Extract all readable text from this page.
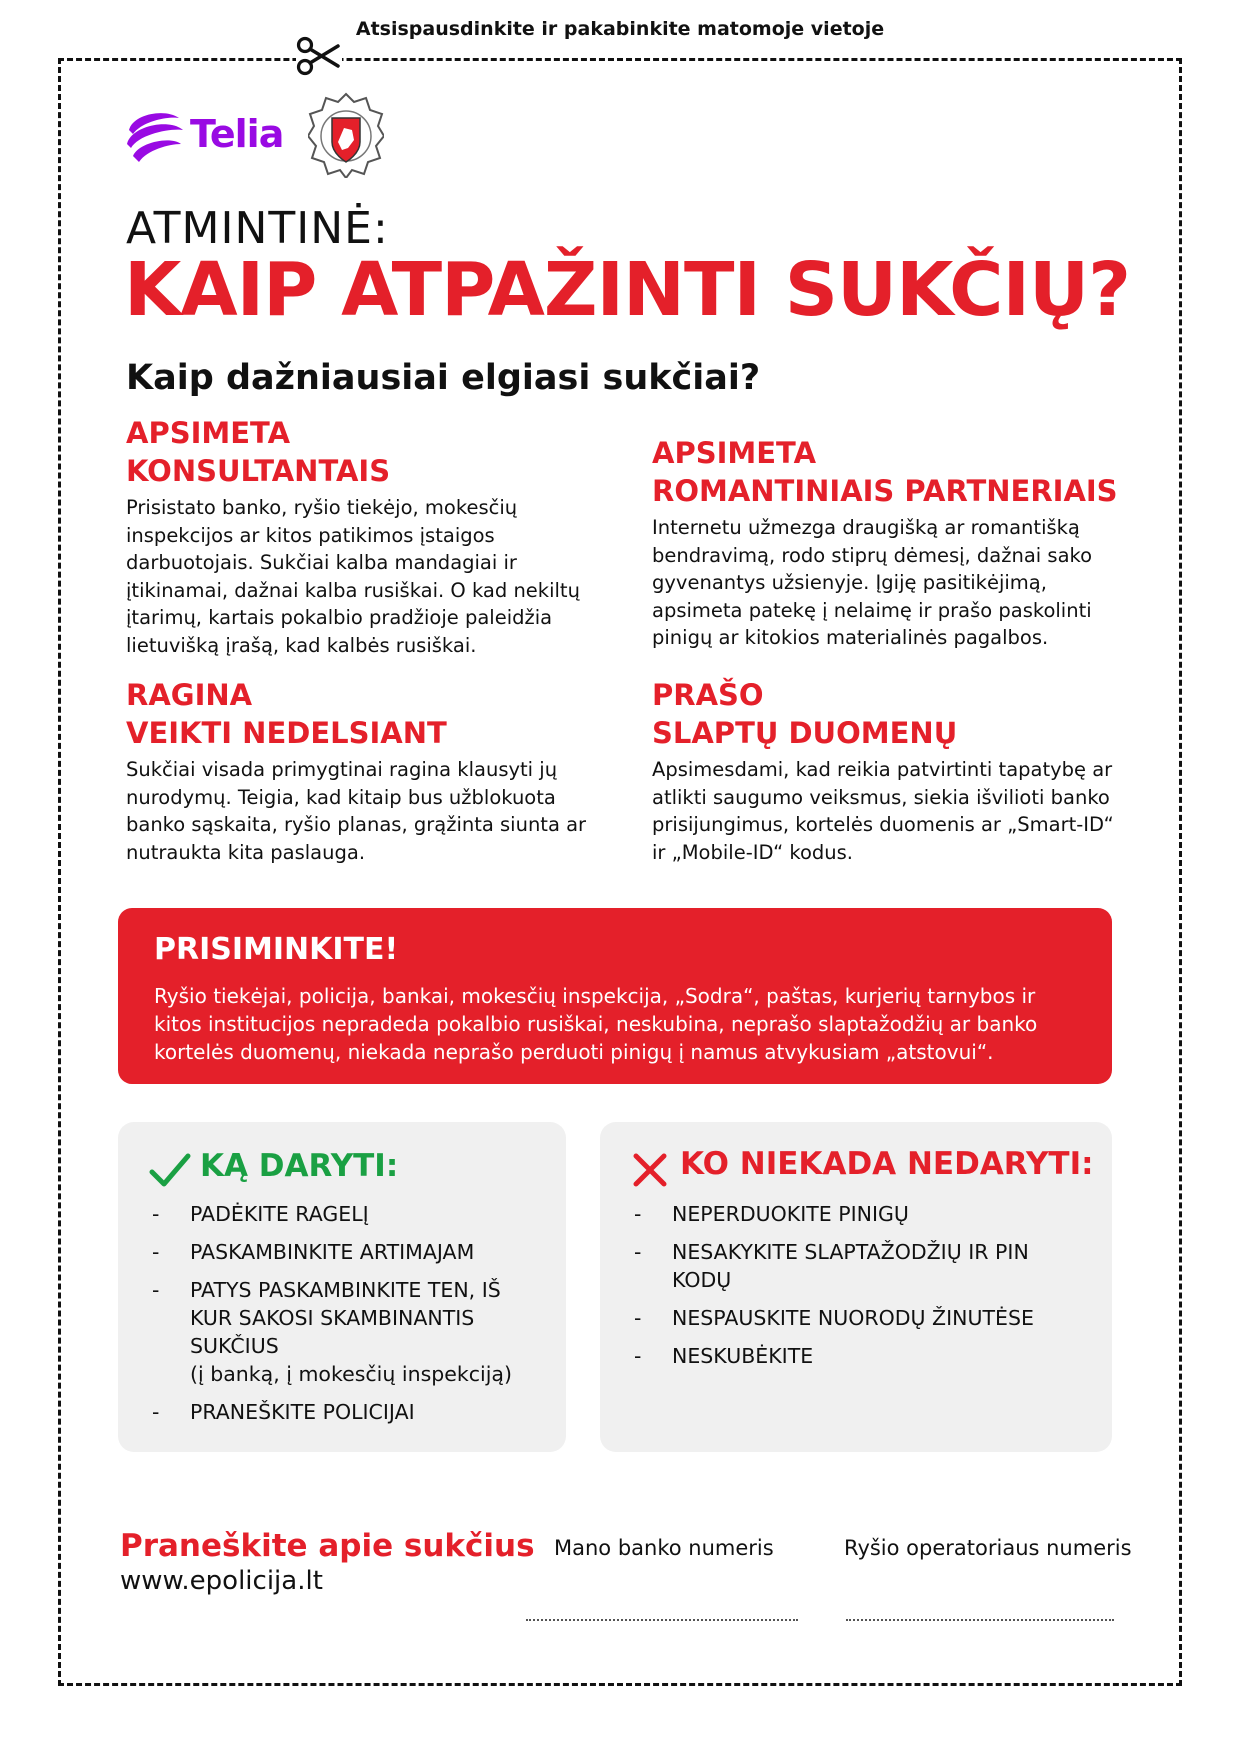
Atsispausdinkite ir pakabinkite matomoje vietoje
Telia
ATMINTINĖ:
KAIP ATPAŽINTI SUKČIŲ?
Kaip dažniausiai elgiasi sukčiai?
APSIMETA
KONSULTANTAIS

Prisistato banko, ryšio tiekėjo, mokesčių inspekcijos ar kitos patikimos įstaigos darbuotojais. Sukčiai kalba mandagiai ir įtikinamai, dažnai kalba rusiškai. O kad nekiltų įtarimų, kartais pokalbio pradžioje paleidžia lietuvišką įrašą, kad kalbės rusiškai.

APSIMETA
ROMANTINIAIS PARTNERIAIS

Internetu užmezga draugišką ar romantišką bendravimą, rodo stiprų dėmesį, dažnai sako gyvenantys užsienyje. Įgiję pasitikėjimą, apsimeta patekę į nelaimę ir prašo paskolinti pinigų ar kitokios materialinės pagalbos.

RAGINA
VEIKTI NEDELSIANT

Sukčiai visada primygtinai ragina klausyti jų nurodymų. Teigia, kad kitaip bus užblokuota banko sąskaita, ryšio planas, grąžinta siunta ar nutraukta kita paslauga.

PRAŠO
SLAPTŲ DUOMENŲ

Apsimesdami, kad reikia patvirtinti tapatybę ar atlikti saugumo veiksmus, siekia išvilioti banko prisijungimus, kortelės duomenis ar „Smart-ID“ ir „Mobile-ID“ kodus.

PRISIMINKITE!

Ryšio tiekėjai, policija, bankai, mokesčių inspekcija, „Sodra“, paštas, kurjerių tarnybos ir kitos institucijos nepradeda pokalbio rusiškai, neskubina, neprašo slaptažodžių ar banko kortelės duomenų, niekada neprašo perduoti pinigų į namus atvykusiam „atstovui“.

KĄ DARYTI:
- PADĖKITE RAGELĮ
- PASKAMBINKITE ARTIMAJAM
- PATYS PASKAMBINKITE TEN, IŠ KUR SAKOSI SKAMBINANTIS SUKČIUS
(į banką, į mokesčių inspekciją)
- PRANEŠKITE POLICIJAI
KO NIEKADA NEDARYTI:
- NEPERDUOKITE PINIGŲ
- NESAKYKITE SLAPTAŽODŽIŲ IR PIN KODŲ
- NESPAUSKITE NUORODŲ ŽINUTĖSE
- NESKUBĖKITE
Praneškite apie sukčius
www.epolicija.lt
Mano banko numeris	Ryšio operatoriaus numeris
